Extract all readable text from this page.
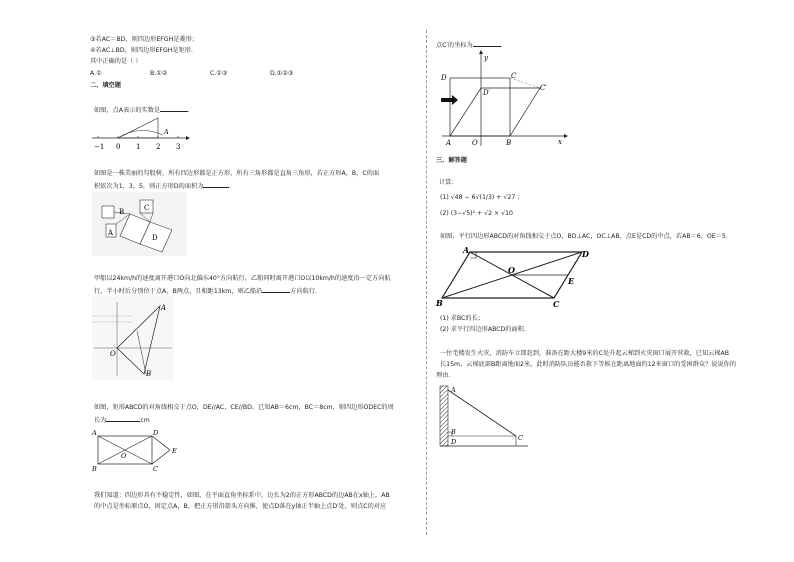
③若AC＝BD，则四边形EFGH是菱形；
④若AC⊥BD，则四边形EFGH是矩形．
其中正确的是（ ）
A.①	B.①②	C.①③	D.①②③
二、填空题
如图，点A表示的实数是	．
−1 0 1 2 3
A
如图是一株美丽的勾股树，所有四边形都是正方形，所有三角形都是直角三角形，若正方形A，B，C的面
积依次为1，3，5，则正方形D的面积为	．
B
A
C
D
甲船以24km/h的速度离开港口O向北偏东40°方向航行，乙船同时离开港口O以10km/h的速度沿一定方向航
行，半小时后分别位于点A，B两点，且相距13km，则乙船沿	方向航行．
A
O
B
如图，矩形ABCD的对角线相交于点O，DE//AC，CE//BD，已知AB＝6cm，BC＝8cm，则四边形ODEC的周
长为	cm
A	D
B	C
E
O
我们知道：四边形具有不稳定性，如图，在平面直角坐标系中，边长为2的正方形ABCD的边AB在x轴上，AB
的中点是坐标原点O，固定点A，B，把正方形沿箭头方向推，使点D落在y轴正半轴上点D′处，则点C的对应
点C′的坐标为	．
x
y
D	C
D′
C′
A	O	B
三、解答题
计算：
(1) √48 − 6√(1/3) + √27 ；
(2) (3−√5)² + √2 × √10
如图，平行四边形ABCD的对角线相交于点O，BD⊥AC，OC⊥AB，点E是CD的中点，若AB＝6，OE＝5.
A	D
B	C
E
O
(1) 求BC的长；
(2) 求平行四边形ABCD的面积．
一住宅楼发生火灾，消防车立即赶到，准备在距大楼9米的C处升起云梯到火灾窗口展开营救，已知云梯AB
长15m，云梯底部B距离地面2米，此时消防队员能否救下等候在距离地面约12米窗口的受困群众？说说你的
理由．
A
B
C
D
